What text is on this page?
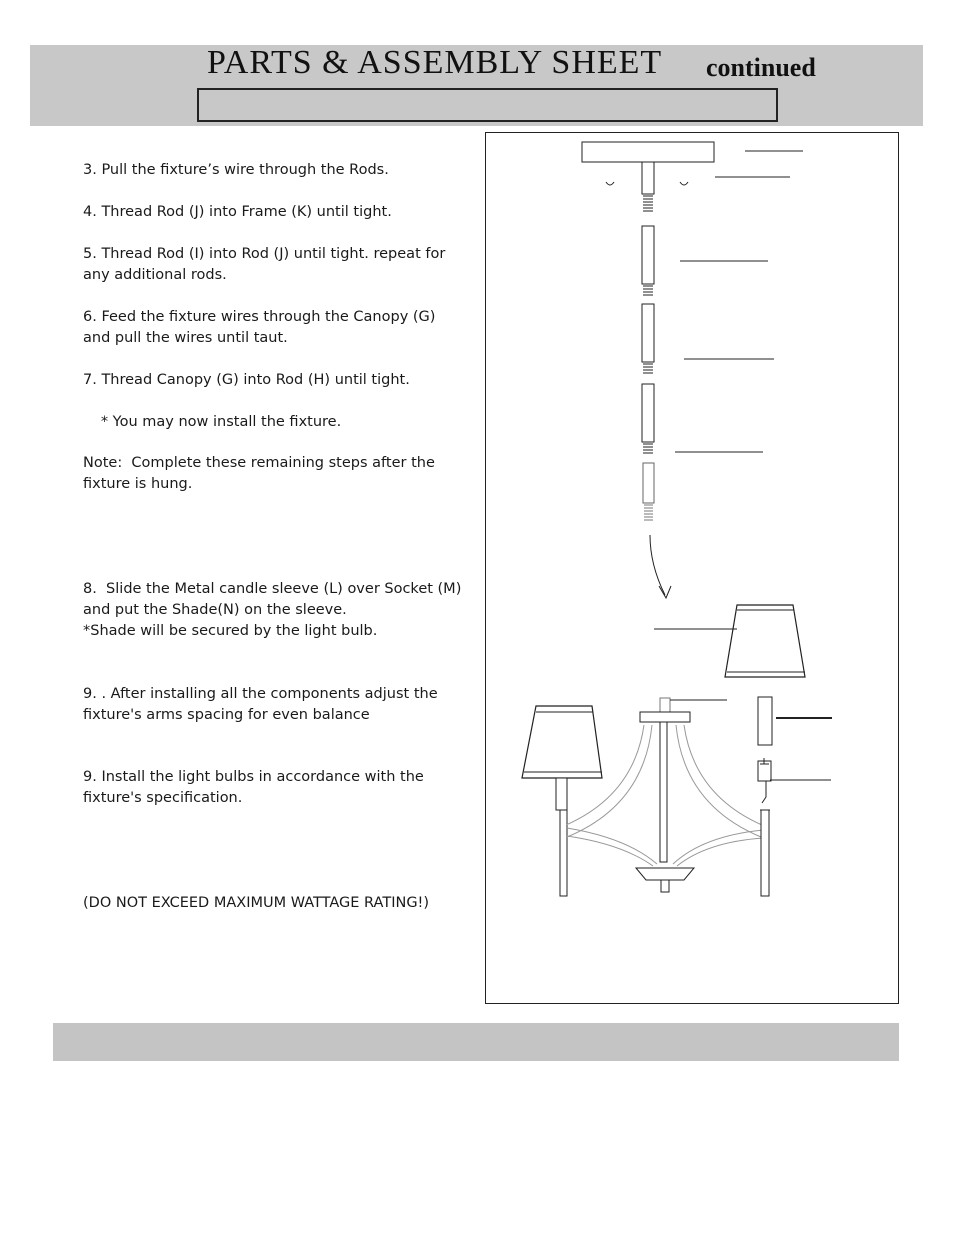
PARTS & ASSEMBLY SHEET continued
3. Pull the fixture’s wire through the Rods.
4. Thread Rod (J) into Frame (K) until tight.
5. Thread Rod (I) into Rod (J) until tight. repeat for any additional rods.
6. Feed the fixture wires through the Canopy (G) and pull the wires until taut.
7. Thread Canopy (G) into Rod (H) until tight.
* You may now install the fixture.
Note:  Complete these remaining steps after the fixture is hung.
8.  Slide the Metal candle sleeve (L) over Socket (M) and put the Shade(N) on the sleeve.
*Shade will be secured by the light bulb.
9. . After installing all the components adjust the fixture's arms spacing for even balance
9. Install the light bulbs in accordance with the fixture's specification.
(DO NOT EXCEED MAXIMUM WATTAGE RATING!)
